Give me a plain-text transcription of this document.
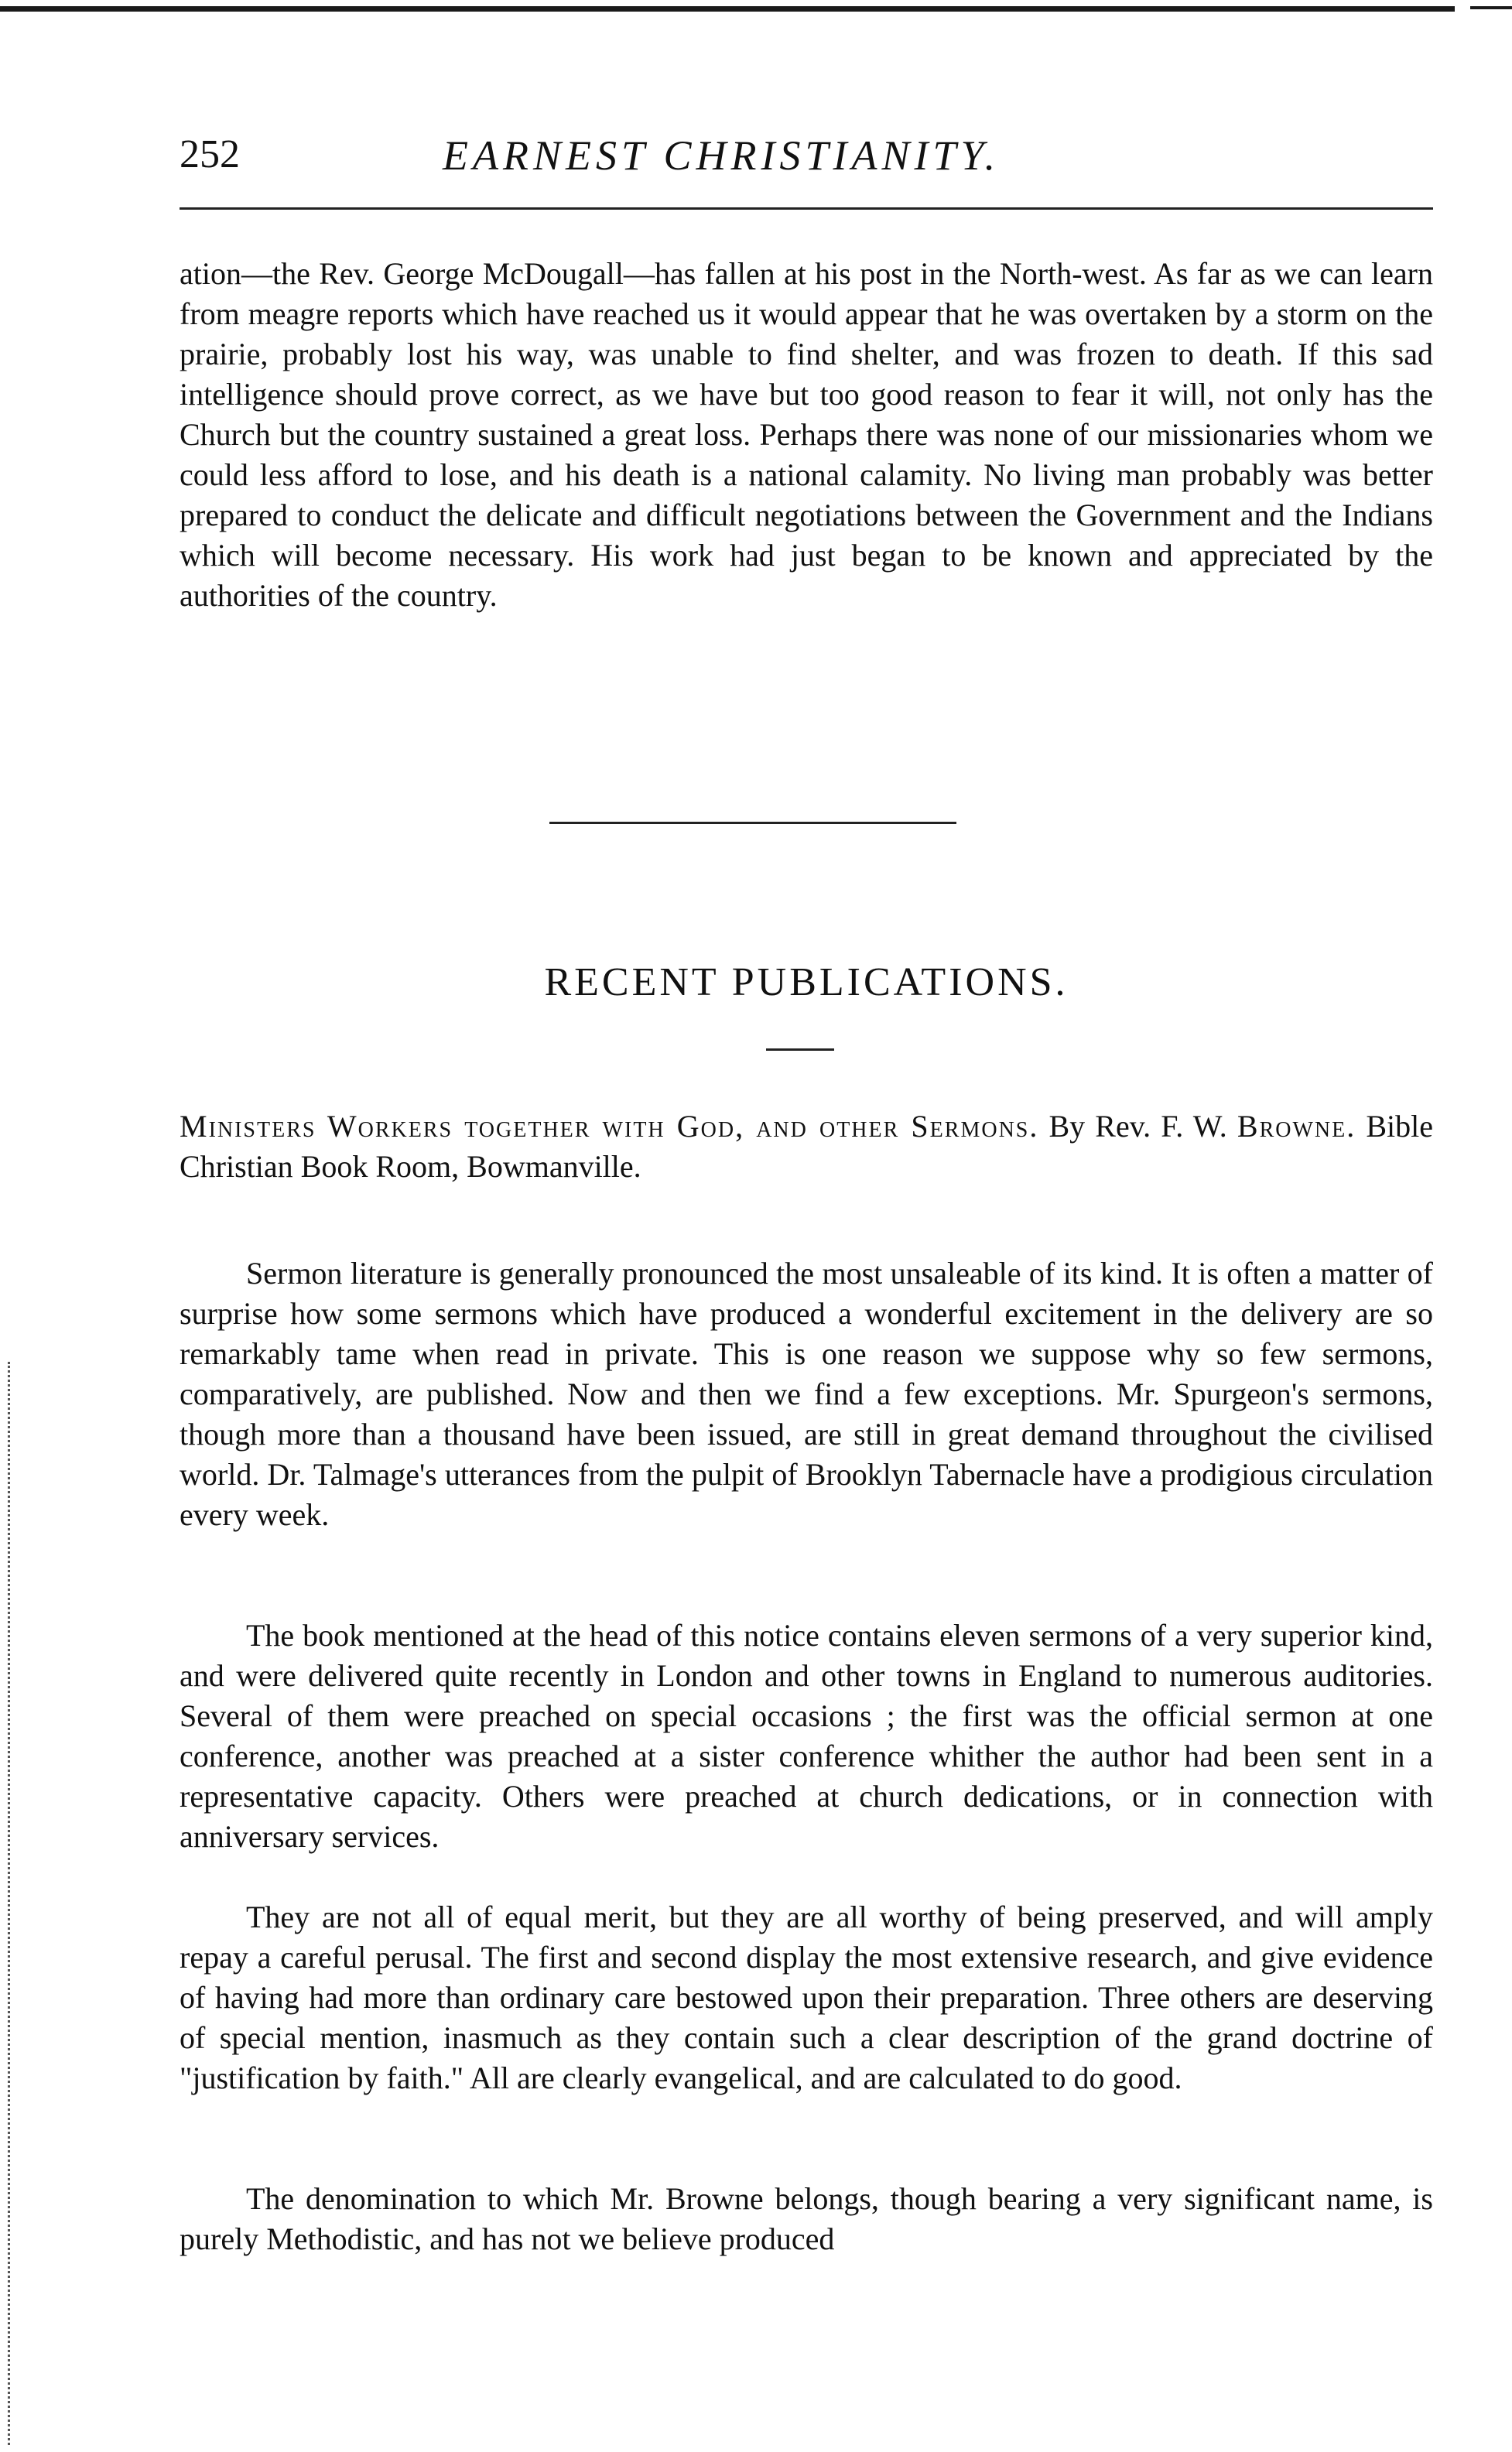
252	EARNEST CHRISTIANITY.

ation—the Rev. George McDougall—has fallen at his post in the North-west. As far as we can learn from meagre reports which have reached us it would appear that he was overtaken by a storm on the prairie, probably lost his way, was unable to find shelter, and was frozen to death. If this sad intelligence should prove correct, as we have but too good reason to fear it will, not only has the Church but the country sustained a great loss. Perhaps there was none of our missionaries whom we could less afford to lose, and his death is a national calamity. No living man probably was better prepared to conduct the delicate and difficult negotiations between the Government and the Indians which will become necessary. His work had just began to be known and appreciated by the authorities of the country.

RECENT PUBLICATIONS.

Ministers Workers together with God, and other Sermons. By Rev. F. W. Browne. Bible Christian Book Room, Bowmanville.

Sermon literature is generally pronounced the most unsaleable of its kind. It is often a matter of surprise how some sermons which have produced a wonderful excitement in the delivery are so remarkably tame when read in private. This is one reason we suppose why so few sermons, comparatively, are published. Now and then we find a few exceptions. Mr. Spurgeon's sermons, though more than a thousand have been issued, are still in great demand throughout the civilised world. Dr. Talmage's utterances from the pulpit of Brooklyn Tabernacle have a prodigious circulation every week.

The book mentioned at the head of this notice contains eleven sermons of a very superior kind, and were delivered quite recently in London and other towns in England to numerous auditories. Several of them were preached on special occasions ; the first was the official sermon at one conference, another was preached at a sister conference whither the author had been sent in a representative capacity. Others were preached at church dedications, or in connection with anniversary services.

They are not all of equal merit, but they are all worthy of being preserved, and will amply repay a careful perusal. The first and second display the most extensive research, and give evidence of having had more than ordinary care bestowed upon their preparation. Three others are deserving of special mention, inasmuch as they contain such a clear description of the grand doctrine of "justification by faith." All are clearly evangelical, and are calculated to do good.

The denomination to which Mr. Browne belongs, though bearing a very significant name, is purely Methodistic, and has not we believe produced
